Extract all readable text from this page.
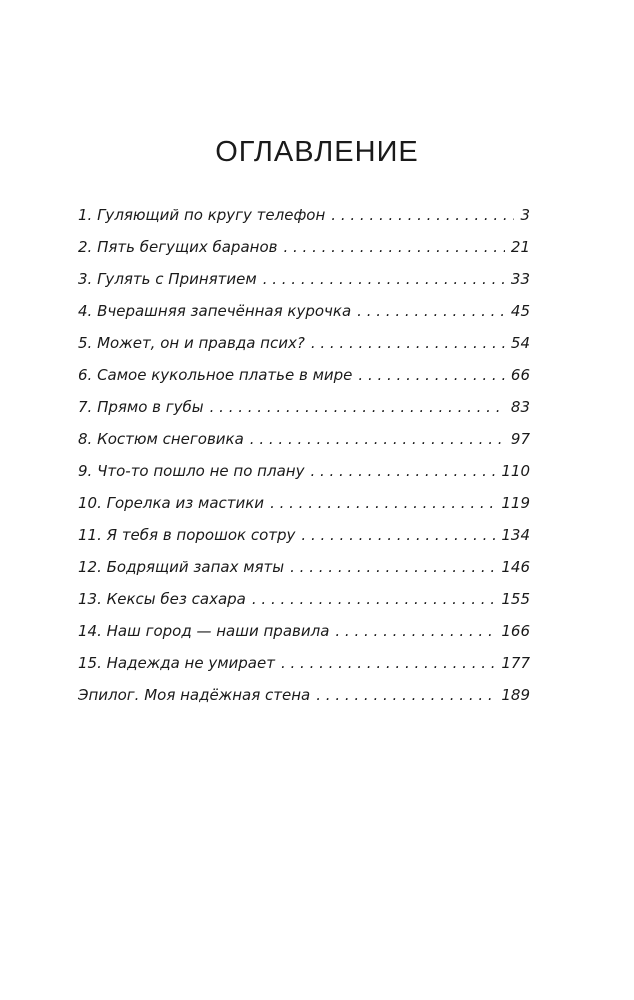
ОГЛАВЛЕНИЕ
1. Гуляющий по кругу телефон . . .	3
2. Пять бегущих баранов . . .	21
3. Гулять с Принятием . . .	33
4. Вчерашняя запечённая курочка . . .	45
5. Может, он и правда псих? . . .	54
6. Самое кукольное платье в мире . . .	66
7. Прямо в губы . . .	83
8. Костюм снеговика . . .	97
9. Что-то пошло не по плану . . .	110
10. Горелка из мастики . . .	119
11. Я тебя в порошок сотру . . .	134
12. Бодрящий запах мяты . . .	146
13. Кексы без сахара . . .	155
14. Наш город — наши правила . . .	166
15. Надежда не умирает . . .	177
Эпилог. Моя надёжная стена . . .	189
